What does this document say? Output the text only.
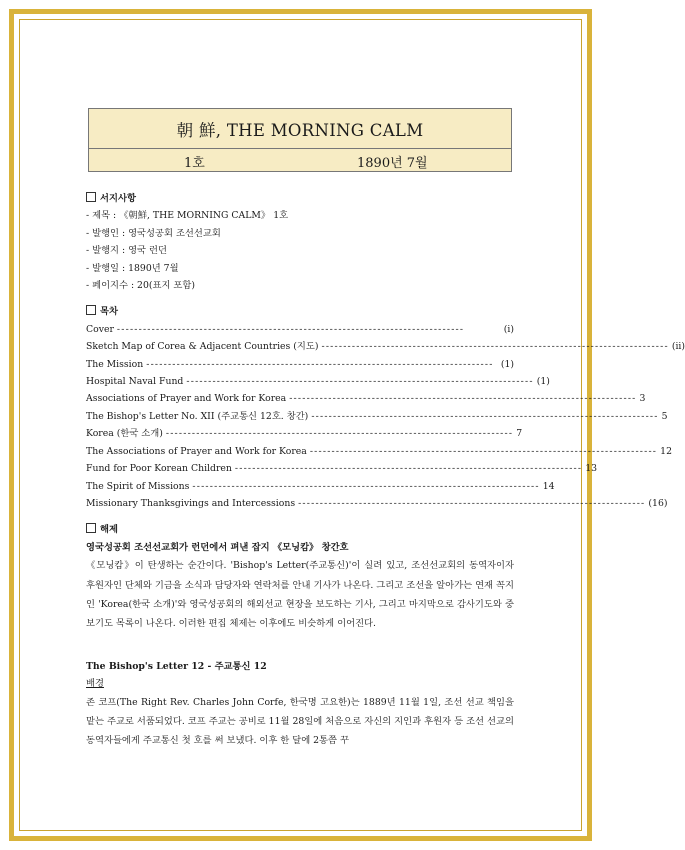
朝 鮮, THE MORNING CALM
1호	1890년 7월
서지사항
- 제목 : 《朝鮮, THE MORNING CALM》 1호
- 발행인 : 영국성공회 조선선교회
- 발행지 : 영국 런던
- 발행일 : 1890년 7월
- 페이지수 : 20(표지 포함)
목차
Cover --------------------------------------------------------------------------------	(i)
Sketch Map of Corea & Adjacent Countries (지도) -------------------------------------------------------------------------------- (ii)
The Mission -------------------------------------------------------------------------------- (1)
Hospital Naval Fund -------------------------------------------------------------------------------- (1)
Associations of Prayer and Work for Korea -------------------------------------------------------------------------------- 3
The Bishop's Letter No. XII (주교통신 12호. 창간) -------------------------------------------------------------------------------- 5
Korea (한국 소개) -------------------------------------------------------------------------------- 7
The Associations of Prayer and Work for Korea -------------------------------------------------------------------------------- 12
Fund for Poor Korean Children -------------------------------------------------------------------------------- 13
The Spirit of Missions -------------------------------------------------------------------------------- 14
Missionary Thanksgivings and Intercessions -------------------------------------------------------------------------------- (16)
해제
영국성공회 조선선교회가 런던에서 펴낸 잡지 《모닝캄》 창간호

《모닝캄》이 탄생하는 순간이다. 'Bishop's Letter(주교통신)'이 실려 있고, 조선선교회의 동역자이자 후원자인 단체와 기금을 소식과 담당자와 연락처를 안내 기사가 나온다. 그리고 조선을 알아가는 연재 꼭지인 'Korea(한국 소개)'와 영국성공회의 해외선교 현장을 보도하는 기사, 그리고 마지막으로 감사기도와 중보기도 목록이 나온다. 이러한 편집 체제는 이후에도 비슷하게 이어진다.

The Bishop's Letter 12 - 주교통신 12
배경

존 코프(The Right Rev. Charles John Corfe, 한국명 고요한)는 1889년 11월 1일, 조선 선교 책임을 맡는 주교로 서품되었다. 코프 주교는 공비로 11월 28일에 처음으로 자신의 지인과 후원자 등 조선 선교의 동역자들에게 주교통신 첫 호를 써 보냈다. 이후 한 달에 2통쯤 꾸
